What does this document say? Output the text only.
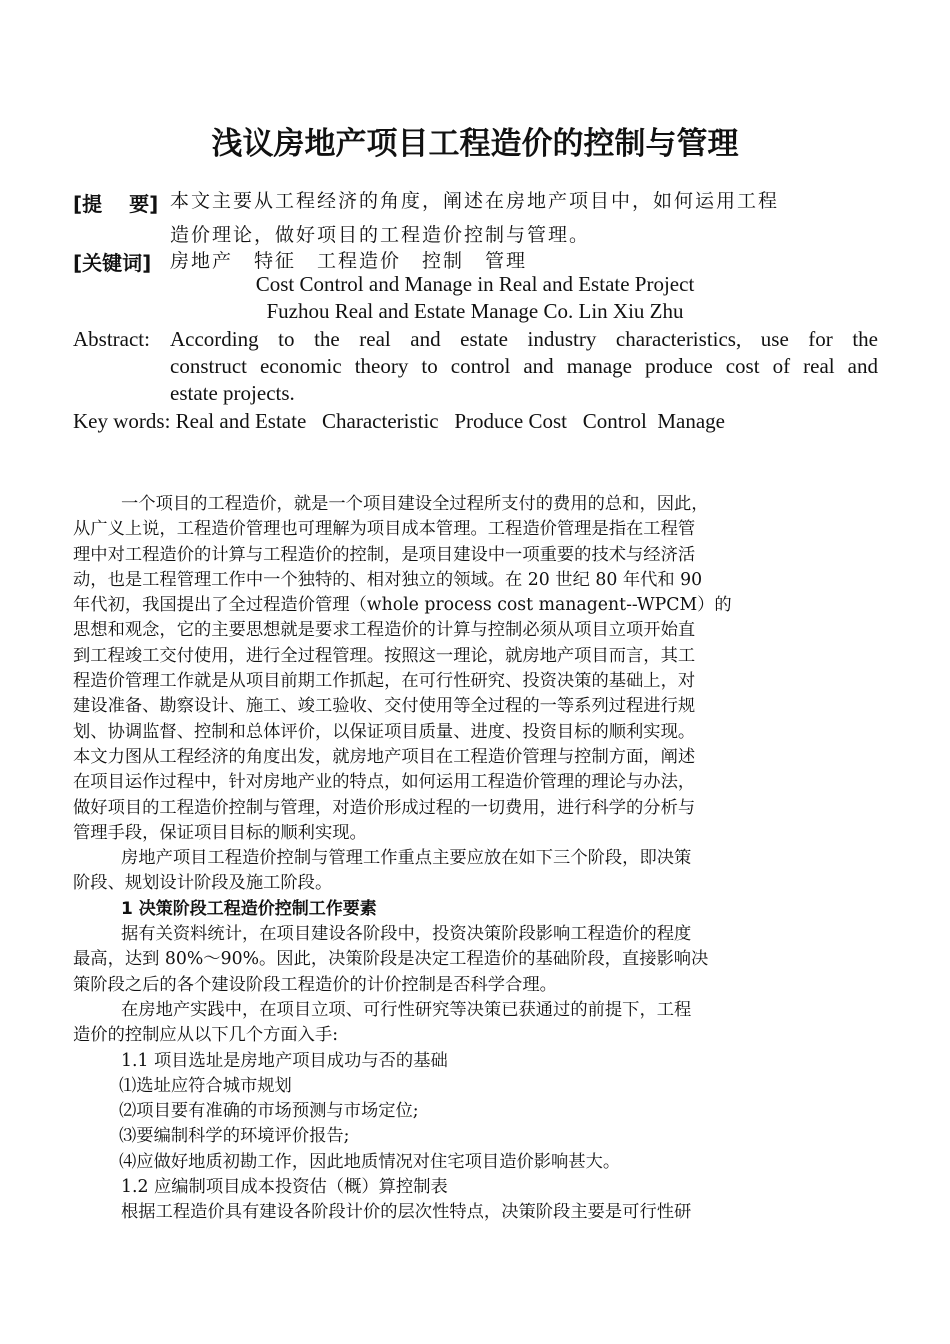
浅议房地产项目工程造价的控制与管理
[提　 要] 本文主要从工程经济的角度，阐述在房地产项目中，如何运用工程
造价理论，做好项目的工程造价控制与管理。
[关键词] 房地产　特征　工程造价　控制　管理
Cost Control and Manage in Real and Estate Project
Fuzhou Real and Estate Manage Co. Lin Xiu Zhu
Abstract: According to the real and estate industry characteristics, use for the
construct economic theory to control and manage produce cost of real and
estate projects.
Key words: Real and Estate   Characteristic   Produce Cost   Control  Manage
一个项目的工程造价，就是一个项目建设全过程所支付的费用的总和，因此，
从广义上说，工程造价管理也可理解为项目成本管理。工程造价管理是指在工程管
理中对工程造价的计算与工程造价的控制，是项目建设中一项重要的技术与经济活
动，也是工程管理工作中一个独特的、相对独立的领域。在 20 世纪 80 年代和 90
年代初，我国提出了全过程造价管理（whole process cost managent--WPCM）的
思想和观念，它的主要思想就是要求工程造价的计算与控制必须从项目立项开始直
到工程竣工交付使用，进行全过程管理。按照这一理论，就房地产项目而言，其工
程造价管理工作就是从项目前期工作抓起，在可行性研究、投资决策的基础上，对
建设准备、勘察设计、施工、竣工验收、交付使用等全过程的一等系列过程进行规
划、协调监督、控制和总体评价，以保证项目质量、进度、投资目标的顺利实现。
本文力图从工程经济的角度出发，就房地产项目在工程造价管理与控制方面，阐述
在项目运作过程中，针对房地产业的特点，如何运用工程造价管理的理论与办法，
做好项目的工程造价控制与管理，对造价形成过程的一切费用，进行科学的分析与
管理手段，保证项目目标的顺利实现。
房地产项目工程造价控制与管理工作重点主要应放在如下三个阶段，即决策
阶段、规划设计阶段及施工阶段。
1 决策阶段工程造价控制工作要素
据有关资料统计，在项目建设各阶段中，投资决策阶段影响工程造价的程度
最高，达到 80%～90%。因此，决策阶段是决定工程造价的基础阶段，直接影响决
策阶段之后的各个建设阶段工程造价的计价控制是否科学合理。
在房地产实践中，在项目立项、可行性研究等决策已获通过的前提下，工程
造价的控制应从以下几个方面入手:
1.1 项目选址是房地产项目成功与否的基础
⑴选址应符合城市规划
⑵项目要有准确的市场预测与市场定位;
⑶要编制科学的环境评价报告;
⑷应做好地质初勘工作，因此地质情况对住宅项目造价影响甚大。
1.2 应编制项目成本投资估（概）算控制表
根据工程造价具有建设各阶段计价的层次性特点，决策阶段主要是可行性研
